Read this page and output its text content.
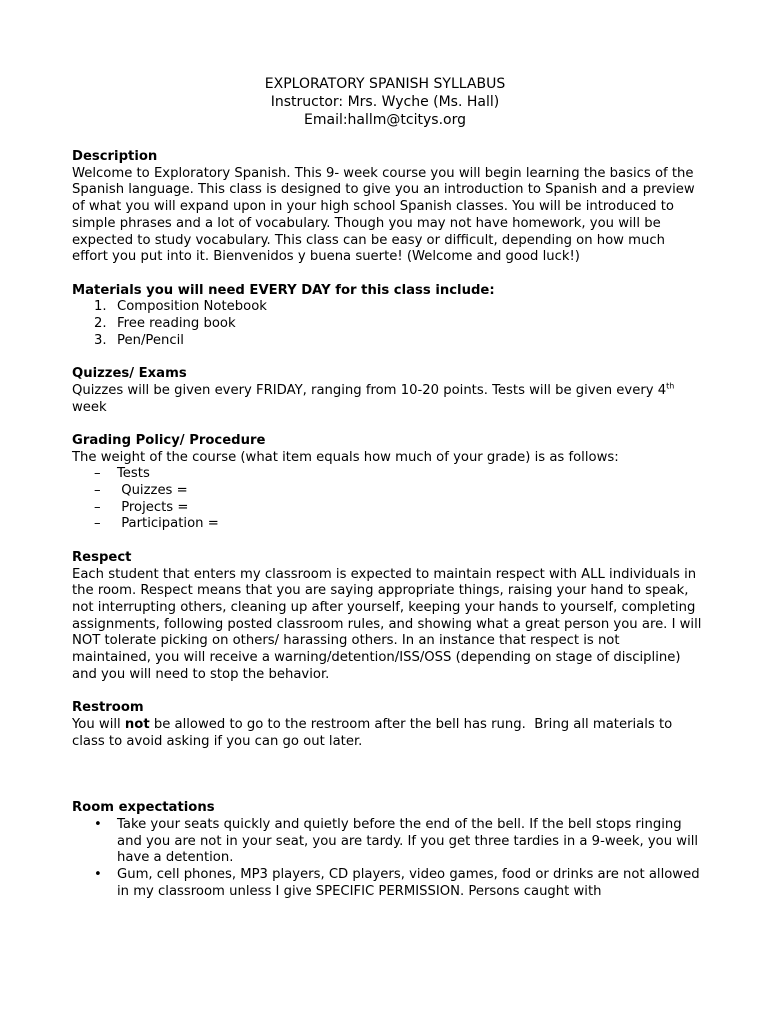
EXPLORATORY SPANISH SYLLABUS
Instructor: Mrs. Wyche (Ms. Hall)
Email:hallm@tcitys.org
Description
Welcome to Exploratory Spanish. This 9- week course you will begin learning the basics of the Spanish language. This class is designed to give you an introduction to Spanish and a preview of what you will expand upon in your high school Spanish classes. You will be introduced to simple phrases and a lot of vocabulary. Though you may not have homework, you will be expected to study vocabulary. This class can be easy or difficult, depending on how much effort you put into it. Bienvenidos y buena suerte! (Welcome and good luck!)
Materials you will need EVERY DAY for this class include:
1. Composition Notebook
2. Free reading book
3. Pen/Pencil
Quizzes/ Exams
Quizzes will be given every FRIDAY, ranging from 10-20 points. Tests will be given every 4th week
Grading Policy/ Procedure
The weight of the course (what item equals how much of your grade) is as follows:
–	Tests
–	Quizzes =
–	Projects =
–	Participation =
Respect
Each student that enters my classroom is expected to maintain respect with ALL individuals in the room. Respect means that you are saying appropriate things, raising your hand to speak, not interrupting others, cleaning up after yourself, keeping your hands to yourself, completing assignments, following posted classroom rules, and showing what a great person you are. I will NOT tolerate picking on others/ harassing others. In an instance that respect is not maintained, you will receive a warning/detention/ISS/OSS (depending on stage of discipline) and you will need to stop the behavior.
Restroom
You will not be allowed to go to the restroom after the bell has rung.  Bring all materials to class to avoid asking if you can go out later.
Room expectations
•	Take your seats quickly and quietly before the end of the bell. If the bell stops ringing and you are not in your seat, you are tardy. If you get three tardies in a 9-week, you will have a detention.
•	Gum, cell phones, MP3 players, CD players, video games, food or drinks are not allowed in my classroom unless I give SPECIFIC PERMISSION. Persons caught with
